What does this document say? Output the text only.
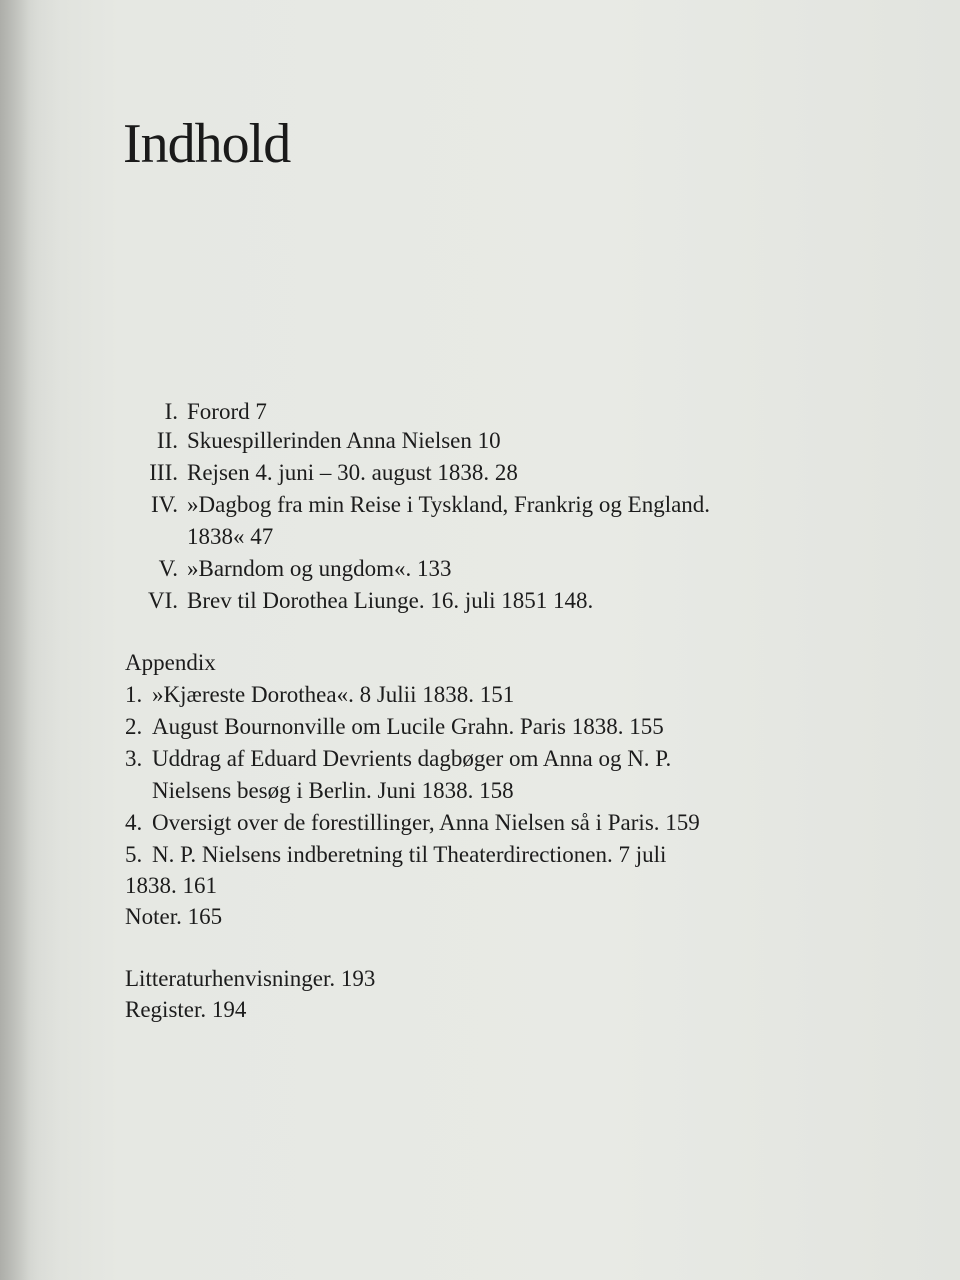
Indhold
I. Forord 7
II. Skuespillerinden Anna Nielsen 10
III. Rejsen 4. juni – 30. august 1838. 28
IV. »Dagbog fra min Reise i Tyskland, Frankrig og England.
1838« 47
V. »Barndom og ungdom«. 133
VI. Brev til Dorothea Liunge. 16. juli 1851 148.
Appendix
1. »Kjæreste Dorothea«. 8 Julii 1838. 151
2. August Bournonville om Lucile Grahn. Paris 1838. 155
3. Uddrag af Eduard Devrients dagbøger om Anna og N. P.
Nielsens besøg i Berlin. Juni 1838. 158
4. Oversigt over de forestillinger, Anna Nielsen så i Paris. 159
5. N. P. Nielsens indberetning til Theaterdirectionen. 7 juli
1838. 161
Noter. 165
Litteraturhenvisninger. 193
Register. 194
